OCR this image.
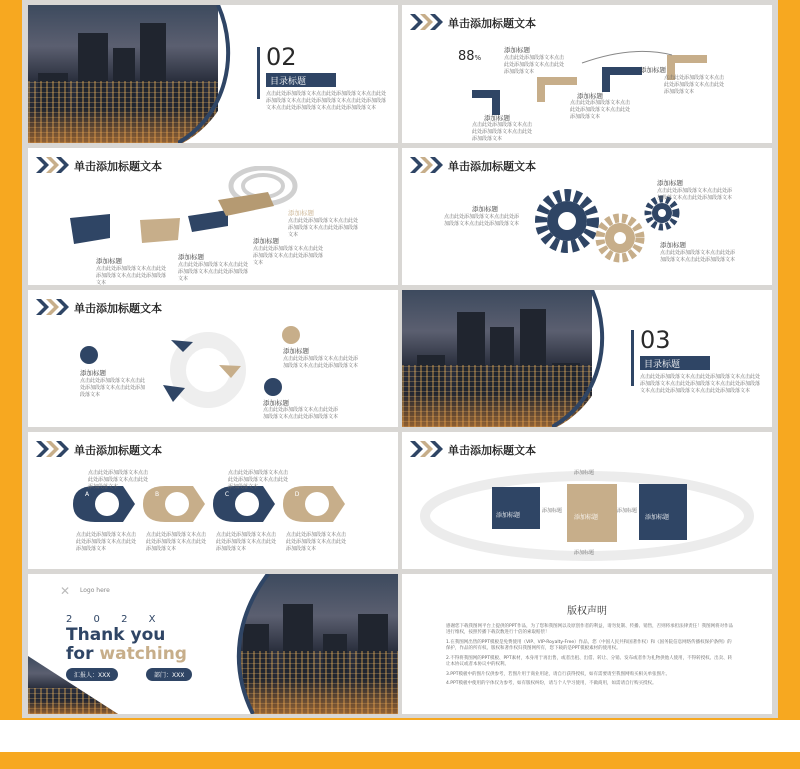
02
目录标题
点击此处添加段落文本点击此处添加段落文本点击此处添加段落文本点击此处添加段落文本点击此处添加段落文本点击此处添加段落文本点击此处添加段落文本
单击添加标题文本
88%
添加标题
点击此处添加段落文本点击此处添加段落文本点击此处添加段落文本
添加标题
点击此处添加段落文本点击此处添加段落文本点击此处添加段落文本
添加标题
点击此处添加段落文本点击此处添加段落文本点击此处添加段落文本
添加标题
点击此处添加段落文本点击此处添加段落文本点击此处添加段落文本
单击添加标题文本
添加标题
点击此处添加段落文本点击此处添加段落文本点击此处添加段落文本
添加标题
点击此处添加段落文本点击此处添加段落文本点击此处添加段落文本
添加标题
点击此处添加段落文本点击此处添加段落文本点击此处添加段落文本
添加标题
点击此处添加段落文本点击此处添加段落文本点击此处添加段落文本
单击添加标题文本
添加标题
点击此处添加段落文本点击此处添加段落文本点击此处添加段落文本
添加标题
点击此处添加段落文本点击此处添加段落文本点击此处添加段落文本
添加标题
点击此处添加段落文本点击此处添加段落文本点击此处添加段落文本
单击添加标题文本
添加标题
点击此处添加段落文本点击此处添加段落文本点击此处添加段落文本
添加标题
点击此处添加段落文本点击此处添加段落文本点击此处添加段落文本
添加标题
点击此处添加段落文本点击此处添加段落文本点击此处添加段落文本
03
目录标题
点击此处添加段落文本点击此处添加段落文本点击此处添加段落文本点击此处添加段落文本点击此处添加段落文本点击此处添加段落文本点击此处添加段落文本
单击添加标题文本
A	B	C	D
点击此处添加段落文本点击此处添加段落文本点击此处添加段落文本
点击此处添加段落文本点击此处添加段落文本点击此处添加段落文本
点击此处添加段落文本点击此处添加段落文本点击此处添加段落文本
点击此处添加段落文本点击此处添加段落文本点击此处添加段落文本
点击此处添加段落文本点击此处添加段落文本点击此处添加段落文本
点击此处添加段落文本点击此处添加段落文本点击此处添加段落文本
单击添加标题文本
添加标题	添加标题	添加标题
添加标题
添加标题	添加标题
添加标题
✕ Logo here
2 0 2 X
Thank you
for watching
汇报人：XXX	部门：XXX
版权声明
感谢您下载我图网平台上提供的PPT作品，为了您和我图网以及原创作者的利益，请勿复制、传播、销售，否则将承担法律责任！我图网将对作品进行维权，按照传播下载次数进行十倍的索取赔偿！
1.在我图网出售的PPT模板是免费使用（VIP、VIP-Royalty-Free）作品，您（中国人民共和国著作权）和《国务院信息网络传播权保护条例》的保护，作品的所有权、版权和著作权归我图网所有，您下载的是PPT模板素材的使用权。
2.不得将我图网的PPT模板、PPT素材，本身用于再出售，或者出租、出借、转让、分销、发布或者作为礼物供他人使用，不得转授权、出卖、转让本协议或者本协议中的权利。
3.PPT模板中的图片仅供参考，若图片用于商业用途，请自行获得授权，如有需要请至我图网购买相关单张图片。
4.PPT模板中使用的字体仅为参考，如有版权纠纷，请与个人学习使用，不做商用，如需请自行购买授权。
